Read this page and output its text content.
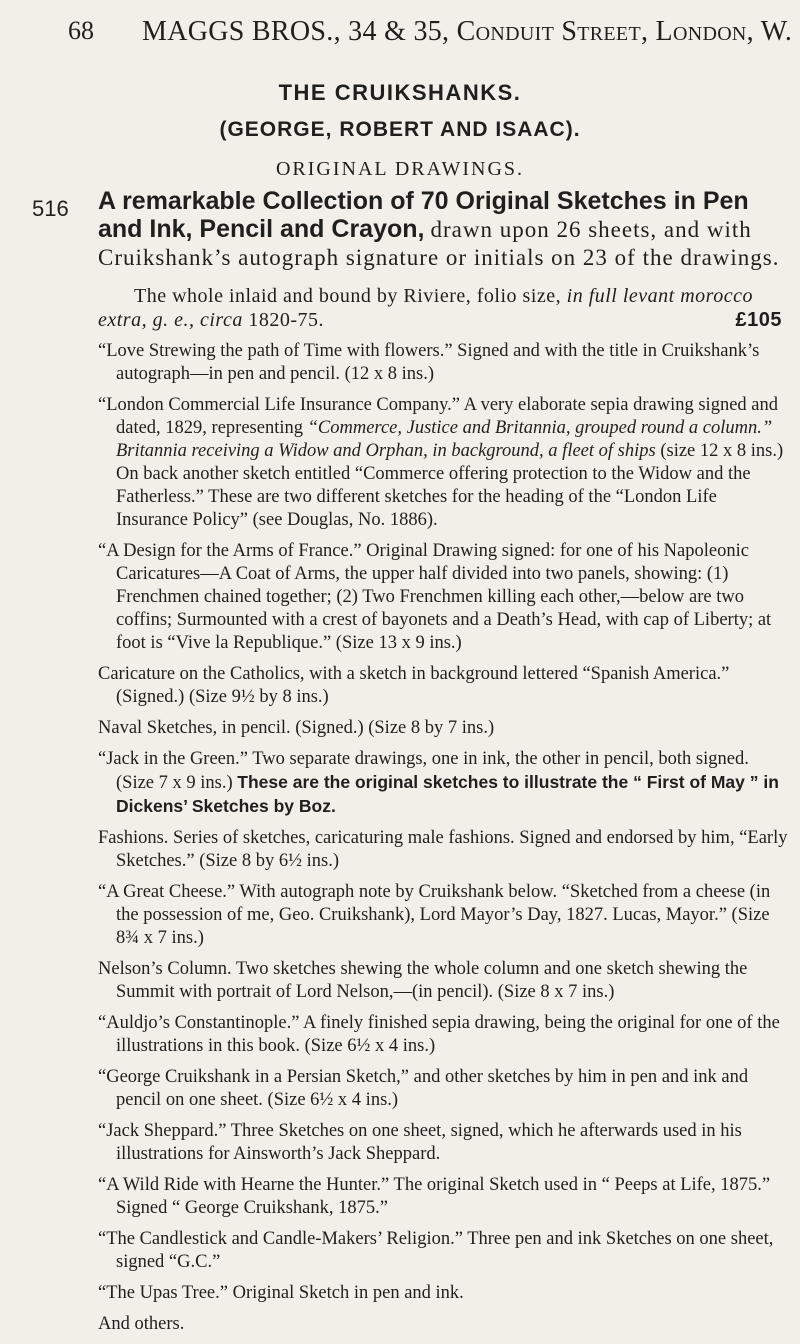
68 MAGGS BROS., 34 & 35, Conduit Street, London, W.
THE CRUIKSHANKS.
(GEORGE, ROBERT AND ISAAC).
ORIGINAL DRAWINGS.
516 A remarkable Collection of 70 Original Sketches in Pen and Ink, Pencil and Crayon, drawn upon 26 sheets, and with Cruikshank’s autograph signature or initials on 23 of the drawings.

The whole inlaid and bound by Riviere, folio size, in full levant morocco extra, g. e., circa 1820-75.	£105

“Love Strewing the path of Time with flowers.” Signed and with the title in Cruikshank’s autograph—in pen and pencil. (12 x 8 ins.)
“London Commercial Life Insurance Company.” A very elaborate sepia drawing signed and dated, 1829, representing “Commerce, Justice and Britannia, grouped round a column.” Britannia receiving a Widow and Orphan, in background, a fleet of ships (size 12 x 8 ins.) On back another sketch entitled “Commerce offering protection to the Widow and the Fatherless.” These are two different sketches for the heading of the “London Life Insurance Policy” (see Douglas, No. 1886).
“A Design for the Arms of France.” Original Drawing signed: for one of his Napoleonic Caricatures—A Coat of Arms, the upper half divided into two panels, showing: (1) Frenchmen chained together; (2) Two Frenchmen killing each other,—below are two coffins; Surmounted with a crest of bayonets and a Death’s Head, with cap of Liberty; at foot is “Vive la Republique.” (Size 13 x 9 ins.)
Caricature on the Catholics, with a sketch in background lettered “Spanish America.” (Signed.) (Size 9½ by 8 ins.)
Naval Sketches, in pencil. (Signed.) (Size 8 by 7 ins.)
“Jack in the Green.” Two separate drawings, one in ink, the other in pencil, both signed. (Size 7 x 9 ins.) These are the original sketches to illustrate the “ First of May ” in Dickens’ Sketches by Boz.
Fashions. Series of sketches, caricaturing male fashions. Signed and endorsed by him, “Early Sketches.” (Size 8 by 6½ ins.)
“A Great Cheese.” With autograph note by Cruikshank below. “Sketched from a cheese (in the possession of me, Geo. Cruikshank), Lord Mayor’s Day, 1827. Lucas, Mayor.” (Size 8¾ x 7 ins.)
Nelson’s Column. Two sketches shewing the whole column and one sketch shewing the Summit with portrait of Lord Nelson,—(in pencil). (Size 8 x 7 ins.)
“Auldjo’s Constantinople.” A finely finished sepia drawing, being the original for one of the illustrations in this book. (Size 6½ x 4 ins.)
“George Cruikshank in a Persian Sketch,” and other sketches by him in pen and ink and pencil on one sheet. (Size 6½ x 4 ins.)
“Jack Sheppard.” Three Sketches on one sheet, signed, which he afterwards used in his illustrations for Ainsworth’s Jack Sheppard.
“A Wild Ride with Hearne the Hunter.” The original Sketch used in “ Peeps at Life, 1875.” Signed “ George Cruikshank, 1875.”
“The Candlestick and Candle-Makers’ Religion.” Three pen and ink Sketches on one sheet, signed “G.C.”
“The Upas Tree.” Original Sketch in pen and ink.
And others.
